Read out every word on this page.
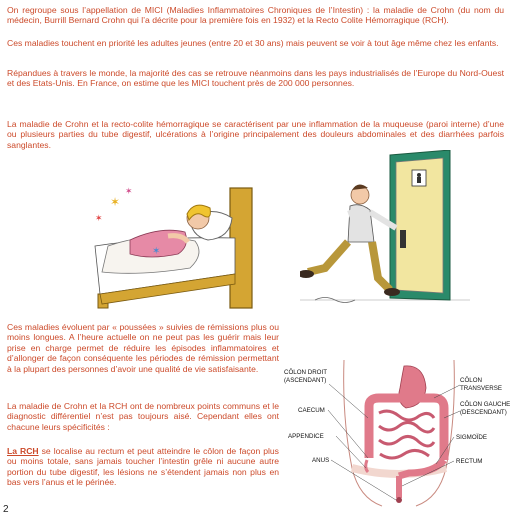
On regroupe sous l’appellation de MICI (Maladies Inflammatoires Chroniques de l’Intestin) : la maladie de Crohn (du nom du médecin, Burrill Bernard Crohn qui l’a décrite pour la première fois en 1932) et la Recto Colite Hémorragique (RCH).
Ces maladies touchent en priorité les adultes jeunes (entre 20 et 30 ans) mais peuvent se voir à tout âge même chez les enfants.
Répandues à travers le monde, la majorité des cas se retrouve néanmoins dans les pays industrialisés de l’Europe du Nord-Ouest et des Etats-Unis. En France, on estime que les MICI touchent près de 200 000 personnes.
La maladie de Crohn et la recto-colite hémorragique se caractérisent par une inflammation de la muqueuse (paroi interne) d’une ou plusieurs parties du tube digestif, ulcérations à l’origine principalement des douleurs abdominales et des diarrhées parfois sanglantes.
✶
✶
✶
✶
Ces maladies évoluent par « poussées » suivies de rémissions plus ou moins longues. A l’heure actuelle on ne peut pas les guérir mais leur prise en charge permet de réduire les épisodes inflammatoires et d’allonger de façon conséquente les périodes de rémission permettant à la plupart des personnes d’avoir une qualité de vie satisfaisante.
La maladie de Crohn et la RCH ont de nombreux points communs et le diagnostic différentiel n’est pas toujours aisé. Cependant elles ont chacune leurs spécificités :
La RCH se localise au rectum et peut atteindre le côlon de façon plus ou moins totale, sans jamais toucher l’intestin grêle ni aucune autre portion du tube digestif, les lésions ne s’étendent jamais non plus en bas vers l’anus et le périnée.
CÔLON DROIT
(ASCENDANT)	CÔLON
TRANSVERSE
CÔLON GAUCHE
(DESCENDANT)
CAECUM
APPENDICE	SIGMOÏDE
ANUS	RECTUM
2
